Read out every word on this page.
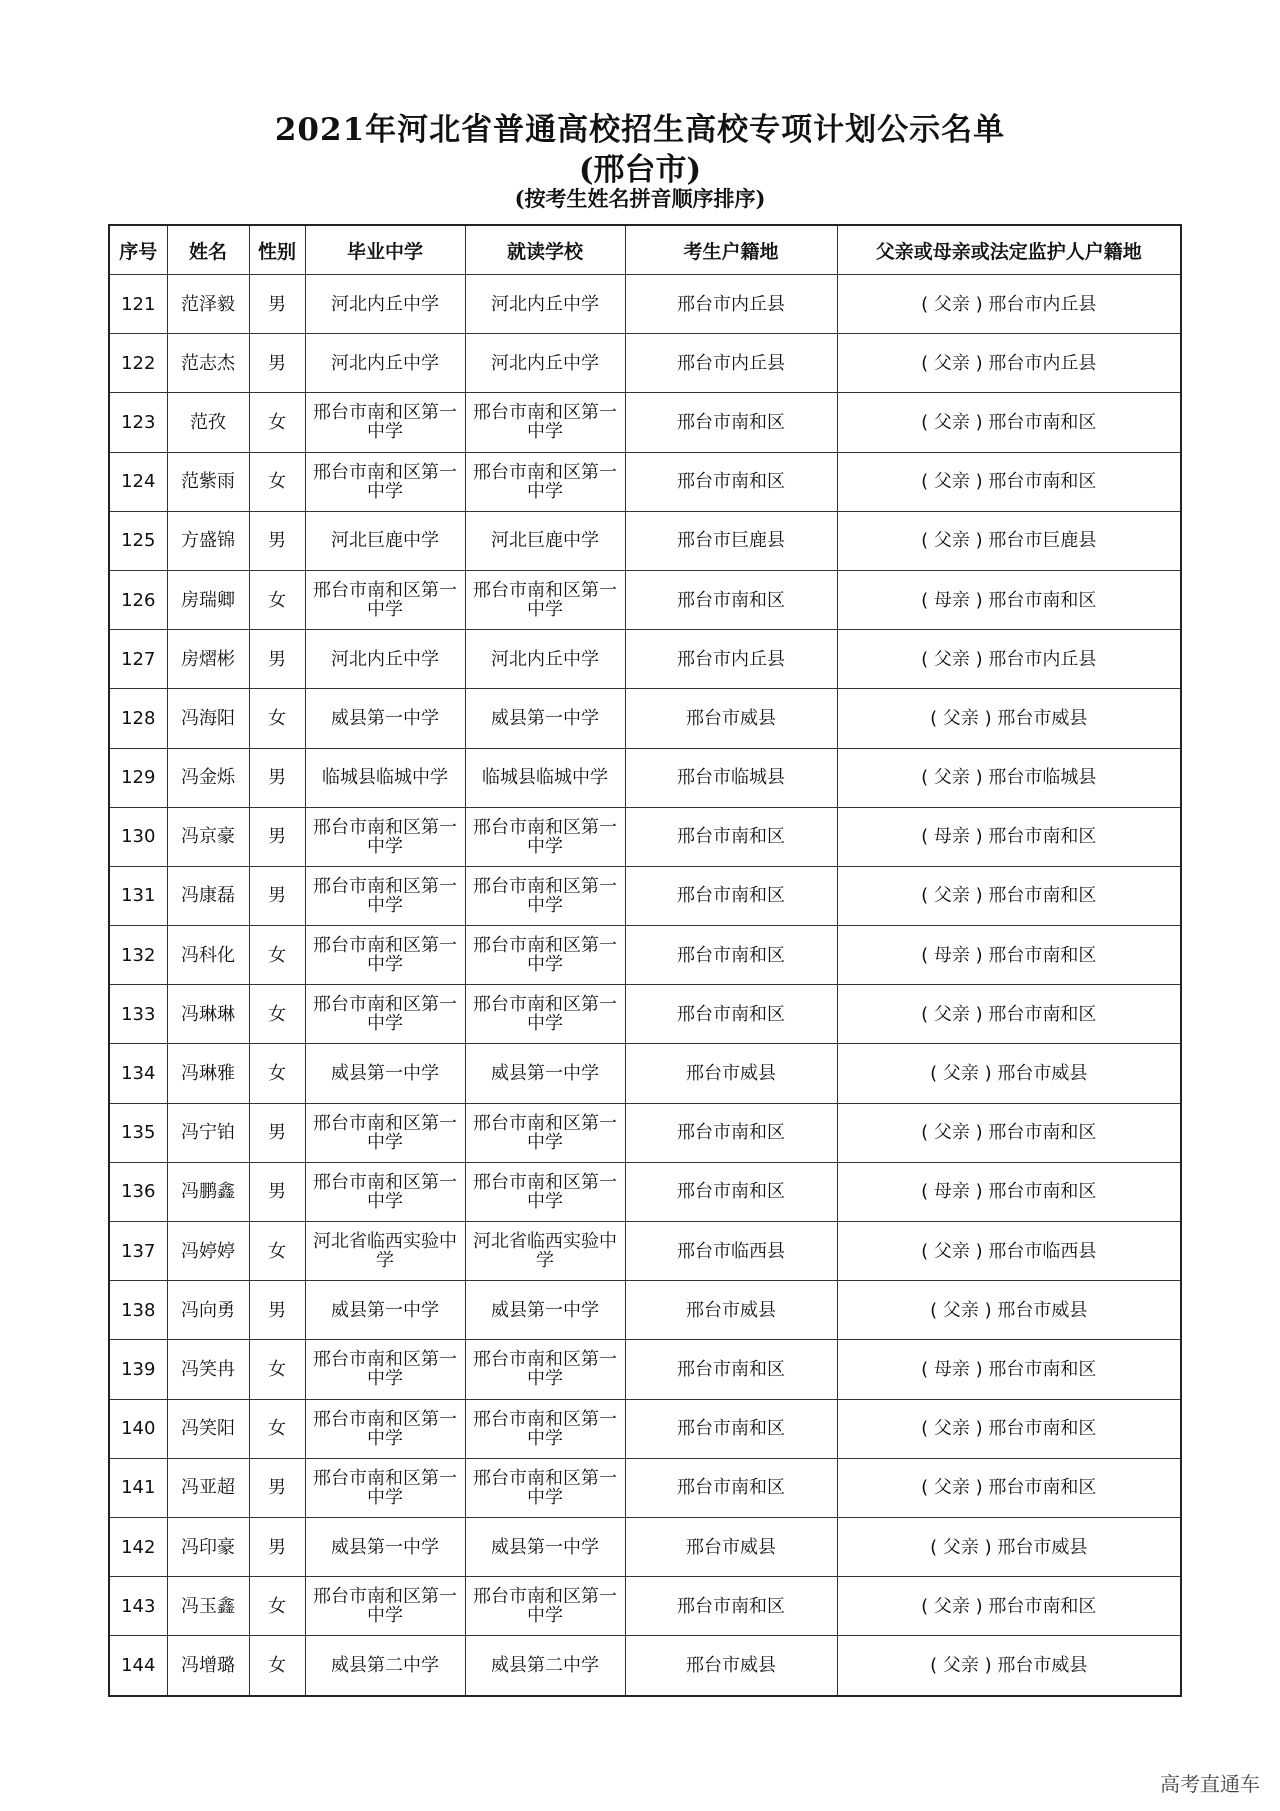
2021年河北省普通高校招生高校专项计划公示名单
(邢台市)
(按考生姓名拼音顺序排序)
序号	姓名	性别	毕业中学	就读学校	考生户籍地	父亲或母亲或法定监护人户籍地
121	范泽毅	男	河北内丘中学	河北内丘中学	邢台市内丘县	( 父亲 ) 邢台市内丘县
122	范志杰	男	河北内丘中学	河北内丘中学	邢台市内丘县	( 父亲 ) 邢台市内丘县
123	范孜	女	邢台市南和区第一中学	邢台市南和区第一中学	邢台市南和区	( 父亲 ) 邢台市南和区
124	范紫雨	女	邢台市南和区第一中学	邢台市南和区第一中学	邢台市南和区	( 父亲 ) 邢台市南和区
125	方盛锦	男	河北巨鹿中学	河北巨鹿中学	邢台市巨鹿县	( 父亲 ) 邢台市巨鹿县
126	房瑞卿	女	邢台市南和区第一中学	邢台市南和区第一中学	邢台市南和区	( 母亲 ) 邢台市南和区
127	房熠彬	男	河北内丘中学	河北内丘中学	邢台市内丘县	( 父亲 ) 邢台市内丘县
128	冯海阳	女	威县第一中学	威县第一中学	邢台市威县	( 父亲 ) 邢台市威县
129	冯金烁	男	临城县临城中学	临城县临城中学	邢台市临城县	( 父亲 ) 邢台市临城县
130	冯京豪	男	邢台市南和区第一中学	邢台市南和区第一中学	邢台市南和区	( 母亲 ) 邢台市南和区
131	冯康磊	男	邢台市南和区第一中学	邢台市南和区第一中学	邢台市南和区	( 父亲 ) 邢台市南和区
132	冯科化	女	邢台市南和区第一中学	邢台市南和区第一中学	邢台市南和区	( 母亲 ) 邢台市南和区
133	冯琳琳	女	邢台市南和区第一中学	邢台市南和区第一中学	邢台市南和区	( 父亲 ) 邢台市南和区
134	冯琳雅	女	威县第一中学	威县第一中学	邢台市威县	( 父亲 ) 邢台市威县
135	冯宁铂	男	邢台市南和区第一中学	邢台市南和区第一中学	邢台市南和区	( 父亲 ) 邢台市南和区
136	冯鹏鑫	男	邢台市南和区第一中学	邢台市南和区第一中学	邢台市南和区	( 母亲 ) 邢台市南和区
137	冯婷婷	女	河北省临西实验中学	河北省临西实验中学	邢台市临西县	( 父亲 ) 邢台市临西县
138	冯向勇	男	威县第一中学	威县第一中学	邢台市威县	( 父亲 ) 邢台市威县
139	冯笑冉	女	邢台市南和区第一中学	邢台市南和区第一中学	邢台市南和区	( 母亲 ) 邢台市南和区
140	冯笑阳	女	邢台市南和区第一中学	邢台市南和区第一中学	邢台市南和区	( 父亲 ) 邢台市南和区
141	冯亚超	男	邢台市南和区第一中学	邢台市南和区第一中学	邢台市南和区	( 父亲 ) 邢台市南和区
142	冯印豪	男	威县第一中学	威县第一中学	邢台市威县	( 父亲 ) 邢台市威县
143	冯玉鑫	女	邢台市南和区第一中学	邢台市南和区第一中学	邢台市南和区	( 父亲 ) 邢台市南和区
144	冯增璐	女	威县第二中学	威县第二中学	邢台市威县	( 父亲 ) 邢台市威县
高考直通车
